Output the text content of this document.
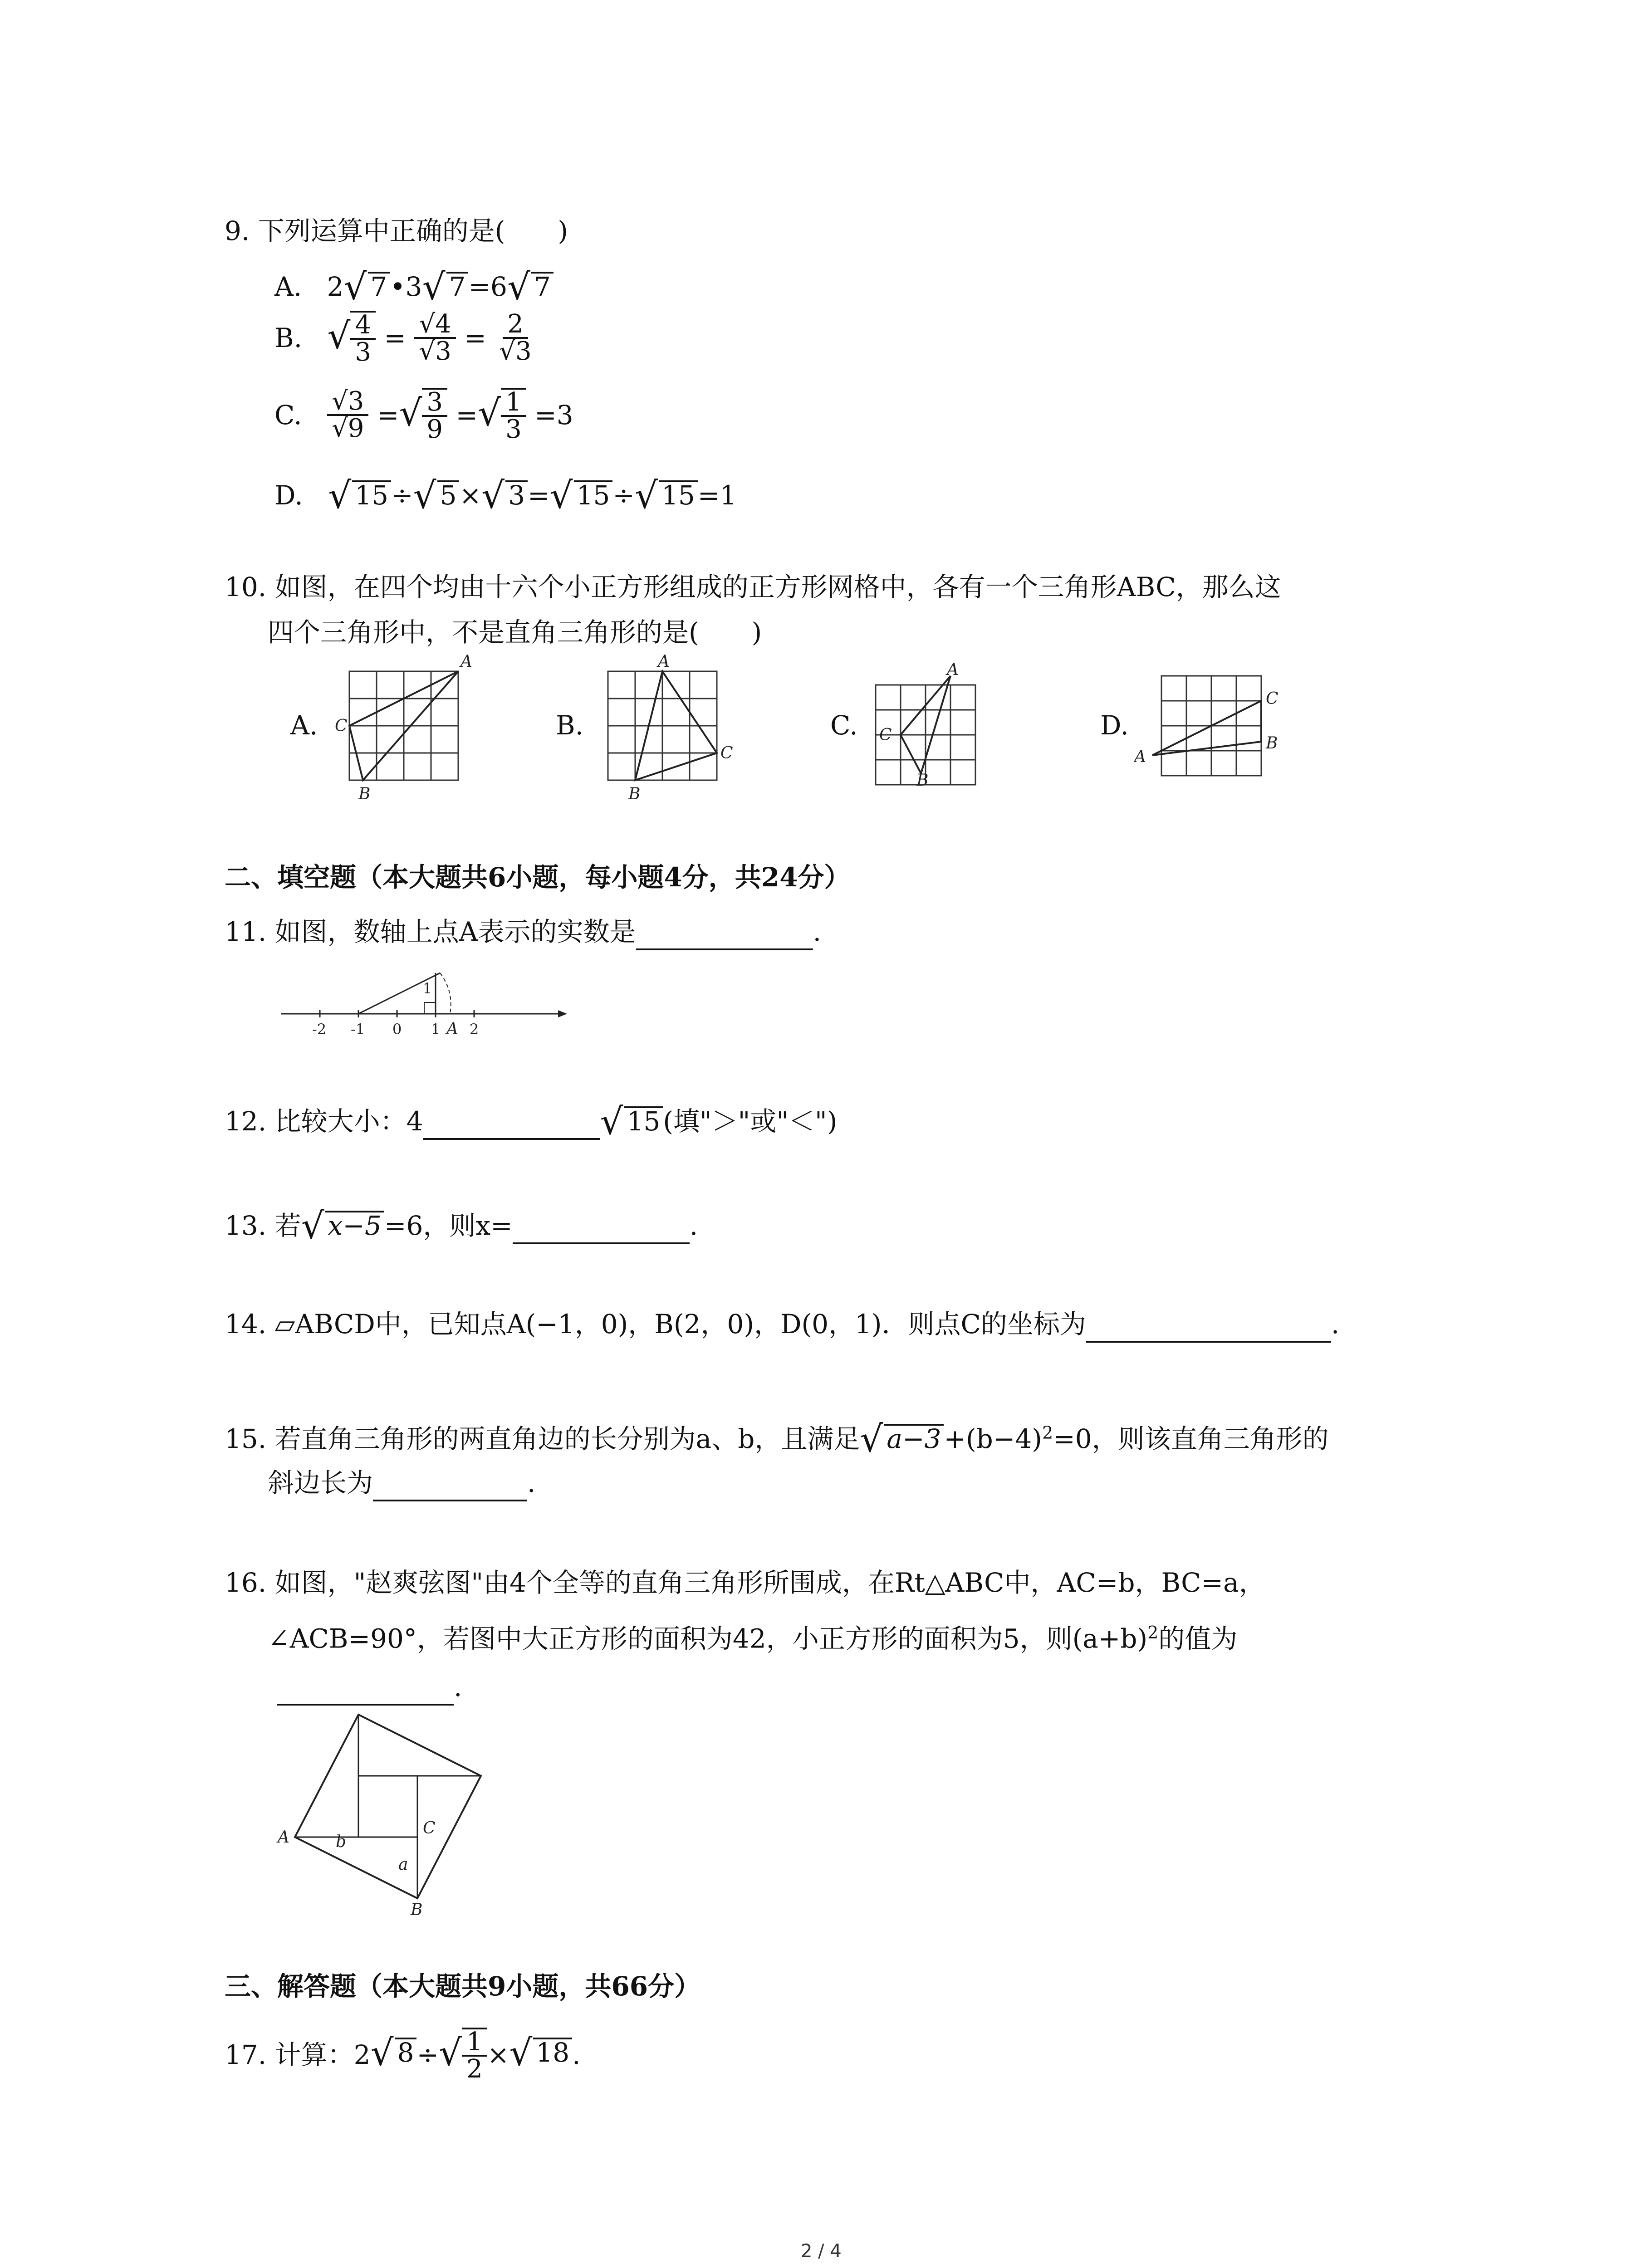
9. 下列运算中正确的是(　　)
A. 2√ 7 •3√ 7 =6√ 7
B. √ $\frac{4}{3} = \frac{√4}{√3} = \frac{2}{√3}$
C. $\frac{√3}{√9}$ =√ $\frac{3}{9}$ =√ $\frac{1}{3} =3$
D. √ 15 ÷√ 5 ×√ 3 =√ 15 ÷√ 15 =1
10. 如图，在四个均由十六个小正方形组成的正方形网格中，各有一个三角形ABC，那么这
四个三角形中，不是直角三角形的是(　　)
A.	B.	C.	D.
A
C
B
A
C
B
A
C
B
C
A
B
二、填空题（本大题共6小题，每小题4分，共24分）
11. 如图，数轴上点A表示的实数是	.
1
-2 -1 0 1 A 2
12. 比较大小：4	√ 15 (填"＞"或"＜")
13. 若√ x−5 =6，则x=	.
14. ▱ABCD中，已知点A(−1，0)，B(2，0)，D(0，1)．则点C的坐标为	.
15. 若直角三角形的两直角边的长分别为a、b，且满足√ $a-3 +(b-4)^2=0$，则该直角三角形的
斜边长为	.
16. 如图，"赵爽弦图"由4个全等的直角三角形所围成，在Rt△ABC中，AC=b，BC=a，
∠ACB=90°，若图中大正方形的面积为42，小正方形的面积为5，则$(a+b)^2$的值为
.
A	C
B
b
a
三、解答题（本大题共9小题，共66分）
17. 计算：2√ 8 ÷√ $\frac{1}{2}$ ×√ 18 .
2 / 4
